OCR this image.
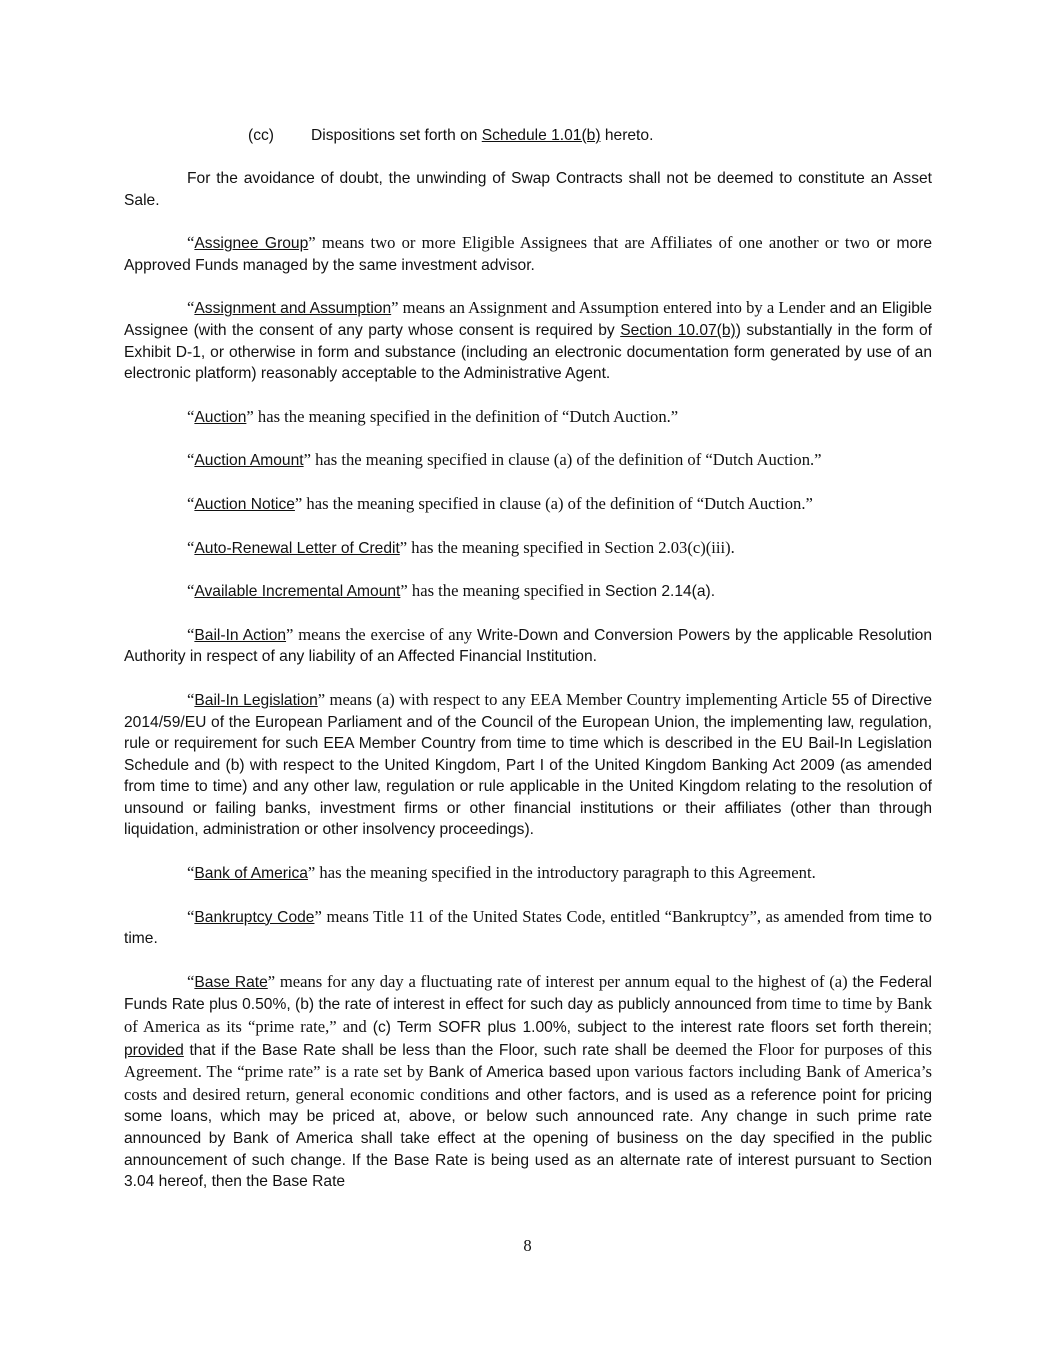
(cc) Dispositions set forth on Schedule 1.01(b) hereto.

For the avoidance of doubt, the unwinding of Swap Contracts shall not be deemed to constitute an Asset Sale.

“Assignee Group” means two or more Eligible Assignees that are Affiliates of one another or two or more Approved Funds managed by the same investment advisor.

“Assignment and Assumption” means an Assignment and Assumption entered into by a Lender and an Eligible Assignee (with the consent of any party whose consent is required by Section 10.07(b)) substantially in the form of Exhibit D-1, or otherwise in form and substance (including an electronic documentation form generated by use of an electronic platform) reasonably acceptable to the Administrative Agent.

“Auction” has the meaning specified in the definition of “Dutch Auction.”

“Auction Amount” has the meaning specified in clause (a) of the definition of “Dutch Auction.”

“Auction Notice” has the meaning specified in clause (a) of the definition of “Dutch Auction.”

“Auto-Renewal Letter of Credit” has the meaning specified in Section 2.03(c)(iii).

“Available Incremental Amount” has the meaning specified in Section 2.14(a).

“Bail-In Action” means the exercise of any Write-Down and Conversion Powers by the applicable Resolution Authority in respect of any liability of an Affected Financial Institution.

“Bail-In Legislation” means (a) with respect to any EEA Member Country implementing Article 55 of Directive 2014/59/EU of the European Parliament and of the Council of the European Union, the implementing law, regulation, rule or requirement for such EEA Member Country from time to time which is described in the EU Bail-In Legislation Schedule and (b) with respect to the United Kingdom, Part I of the United Kingdom Banking Act 2009 (as amended from time to time) and any other law, regulation or rule applicable in the United Kingdom relating to the resolution of unsound or failing banks, investment firms or other financial institutions or their affiliates (other than through liquidation, administration or other insolvency proceedings).

“Bank of America” has the meaning specified in the introductory paragraph to this Agreement.

“Bankruptcy Code” means Title 11 of the United States Code, entitled “Bankruptcy”, as amended from time to time.

“Base Rate” means for any day a fluctuating rate of interest per annum equal to the highest of (a) the Federal Funds Rate plus 0.50%, (b) the rate of interest in effect for such day as publicly announced from time to time by Bank of America as its “prime rate,” and (c) Term SOFR plus 1.00%, subject to the interest rate floors set forth therein; provided that if the Base Rate shall be less than the Floor, such rate shall be deemed the Floor for purposes of this Agreement. The “prime rate” is a rate set by Bank of America based upon various factors including Bank of America’s costs and desired return, general economic conditions and other factors, and is used as a reference point for pricing some loans, which may be priced at, above, or below such announced rate. Any change in such prime rate announced by Bank of America shall take effect at the opening of business on the day specified in the public announcement of such change. If the Base Rate is being used as an alternate rate of interest pursuant to Section 3.04 hereof, then the Base Rate

8
